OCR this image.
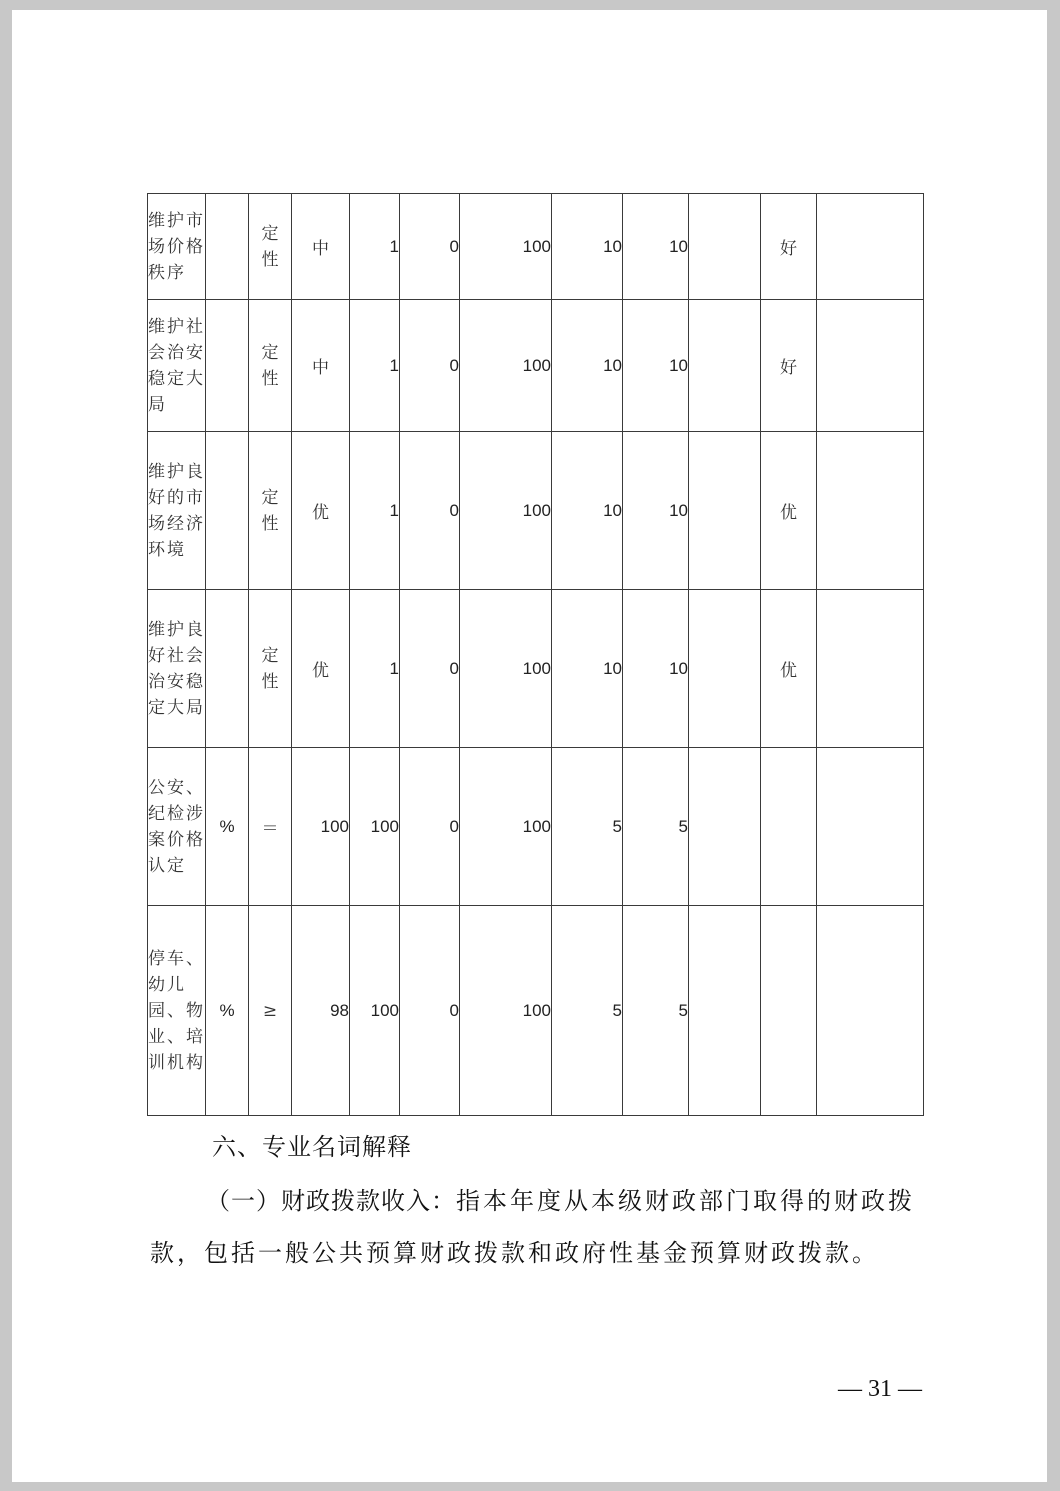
维护市场价格秩序		定性	中	1	0	100	10	10		好	
维护社会治安稳定大局		定性	中	1	0	100	10	10		好	
维护良好的市场经济环境		定性	优	1	0	100	10	10		优	
维护良好社会治安稳定大局		定性	优	1	0	100	10	10		优	
公安、纪检涉案价格认定	%	＝	100	100	0	100	5	5			
停车、幼儿园、物业、培训机构	%	≥	98	100	0	100	5	5			
六、专业名词解释
（一）财政拨款收入：指本年度从本级财政部门取得的财政拨款，包括一般公共预算财政拨款和政府性基金预算财政拨款。
— 31 —
